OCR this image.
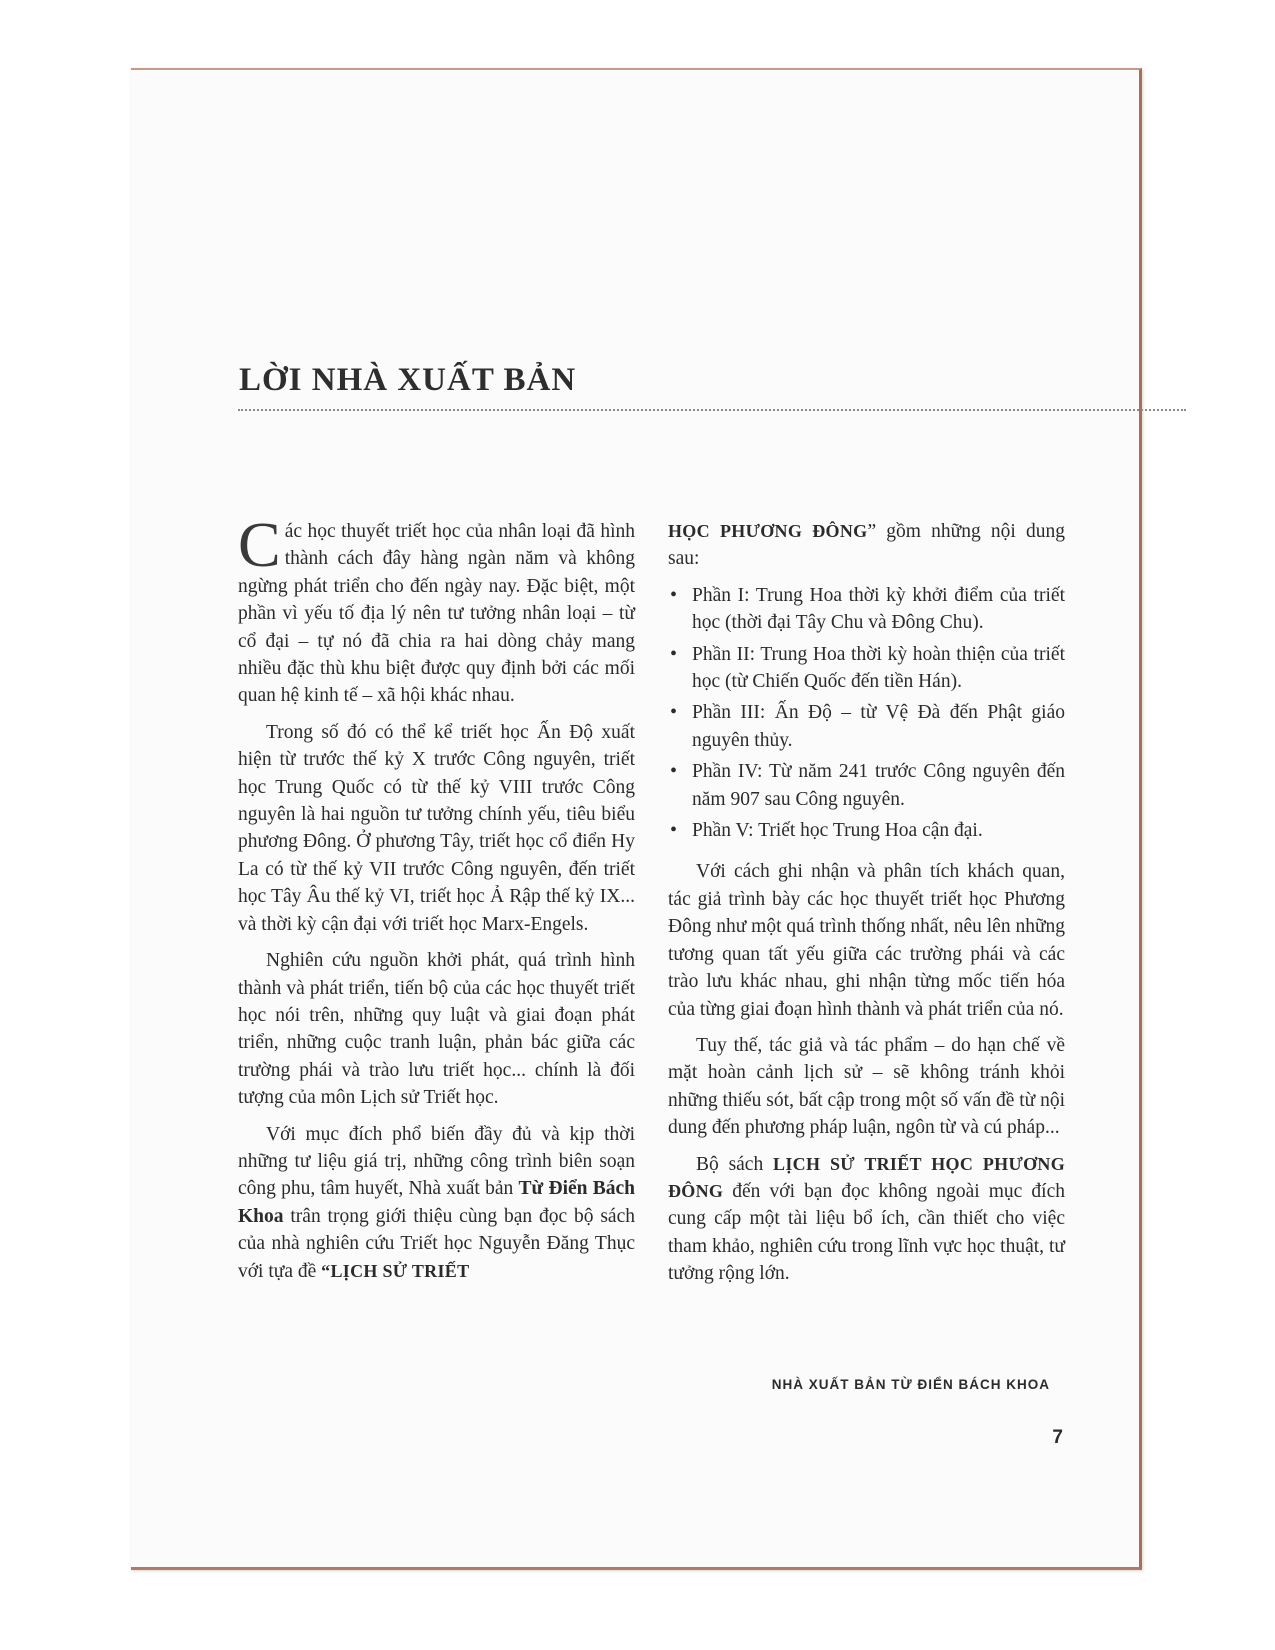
LỜI NHÀ XUẤT BẢN

Các học thuyết triết học của nhân loại đã hình thành cách đây hàng ngàn năm và không ngừng phát triển cho đến ngày nay. Đặc biệt, một phần vì yếu tố địa lý nên tư tưởng nhân loại – từ cổ đại – tự nó đã chia ra hai dòng chảy mang nhiều đặc thù khu biệt được quy định bởi các mối quan hệ kinh tế – xã hội khác nhau.

Trong số đó có thể kể triết học Ấn Độ xuất hiện từ trước thế kỷ X trước Công nguyên, triết học Trung Quốc có từ thế kỷ VIII trước Công nguyên là hai nguồn tư tưởng chính yếu, tiêu biểu phương Đông. Ở phương Tây, triết học cổ điển Hy La có từ thế kỷ VII trước Công nguyên, đến triết học Tây Âu thế kỷ VI, triết học Ả Rập thế kỷ IX... và thời kỳ cận đại với triết học Marx-Engels.

Nghiên cứu nguồn khởi phát, quá trình hình thành và phát triển, tiến bộ của các học thuyết triết học nói trên, những quy luật và giai đoạn phát triển, những cuộc tranh luận, phản bác giữa các trường phái và trào lưu triết học... chính là đối tượng của môn Lịch sử Triết học.

Với mục đích phổ biến đầy đủ và kịp thời những tư liệu giá trị, những công trình biên soạn công phu, tâm huyết, Nhà xuất bản Từ Điển Bách Khoa trân trọng giới thiệu cùng bạn đọc bộ sách của nhà nghiên cứu Triết học Nguyễn Đăng Thục với tựa đề “LỊCH SỬ TRIẾT

HỌC PHƯƠNG ĐÔNG” gồm những nội dung sau:

• Phần I: Trung Hoa thời kỳ khởi điểm của triết học (thời đại Tây Chu và Đông Chu).
• Phần II: Trung Hoa thời kỳ hoàn thiện của triết học (từ Chiến Quốc đến tiền Hán).
• Phần III: Ấn Độ – từ Vệ Đà đến Phật giáo nguyên thủy.
• Phần IV: Từ năm 241 trước Công nguyên đến năm 907 sau Công nguyên.
• Phần V: Triết học Trung Hoa cận đại.

Với cách ghi nhận và phân tích khách quan, tác giả trình bày các học thuyết triết học Phương Đông như một quá trình thống nhất, nêu lên những tương quan tất yếu giữa các trường phái và các trào lưu khác nhau, ghi nhận từng mốc tiến hóa của từng giai đoạn hình thành và phát triển của nó.

Tuy thế, tác giả và tác phẩm – do hạn chế về mặt hoàn cảnh lịch sử – sẽ không tránh khỏi những thiếu sót, bất cập trong một số vấn đề từ nội dung đến phương pháp luận, ngôn từ và cú pháp...

Bộ sách LỊCH SỬ TRIẾT HỌC PHƯƠNG ĐÔNG đến với bạn đọc không ngoài mục đích cung cấp một tài liệu bổ ích, cần thiết cho việc tham khảo, nghiên cứu trong lĩnh vực học thuật, tư tưởng rộng lớn.

NHÀ XUẤT BẢN TỪ ĐIỂN BÁCH KHOA
7
